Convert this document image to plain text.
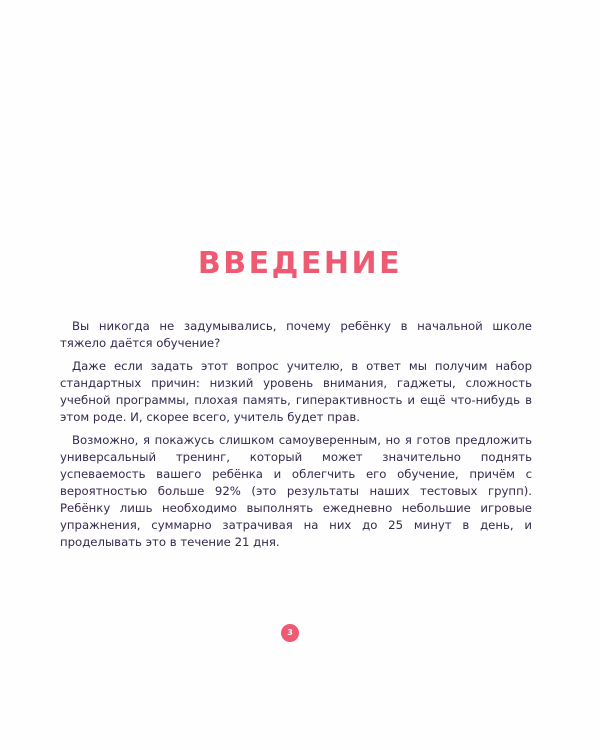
ВВЕДЕНИЕ

Вы никогда не задумывались, почему ребёнку в начальной школе тяжело даётся обучение?

Даже если задать этот вопрос учителю, в ответ мы получим набор стандартных причин: низкий уровень внимания, гаджеты, сложность учебной программы, плохая память, гиперактивность и ещё что-нибудь в этом роде. И, скорее всего, учитель будет прав.

Возможно, я покажусь слишком самоуверенным, но я готов предложить универсальный тренинг, который может значительно поднять успеваемость вашего ребёнка и облегчить его обучение, причём с вероятностью больше 92% (это результаты наших тестовых групп). Ребёнку лишь необходимо выполнять ежедневно небольшие игровые упражнения, суммарно затрачивая на них до 25 минут в день, и проделывать это в течение 21 дня.

3
